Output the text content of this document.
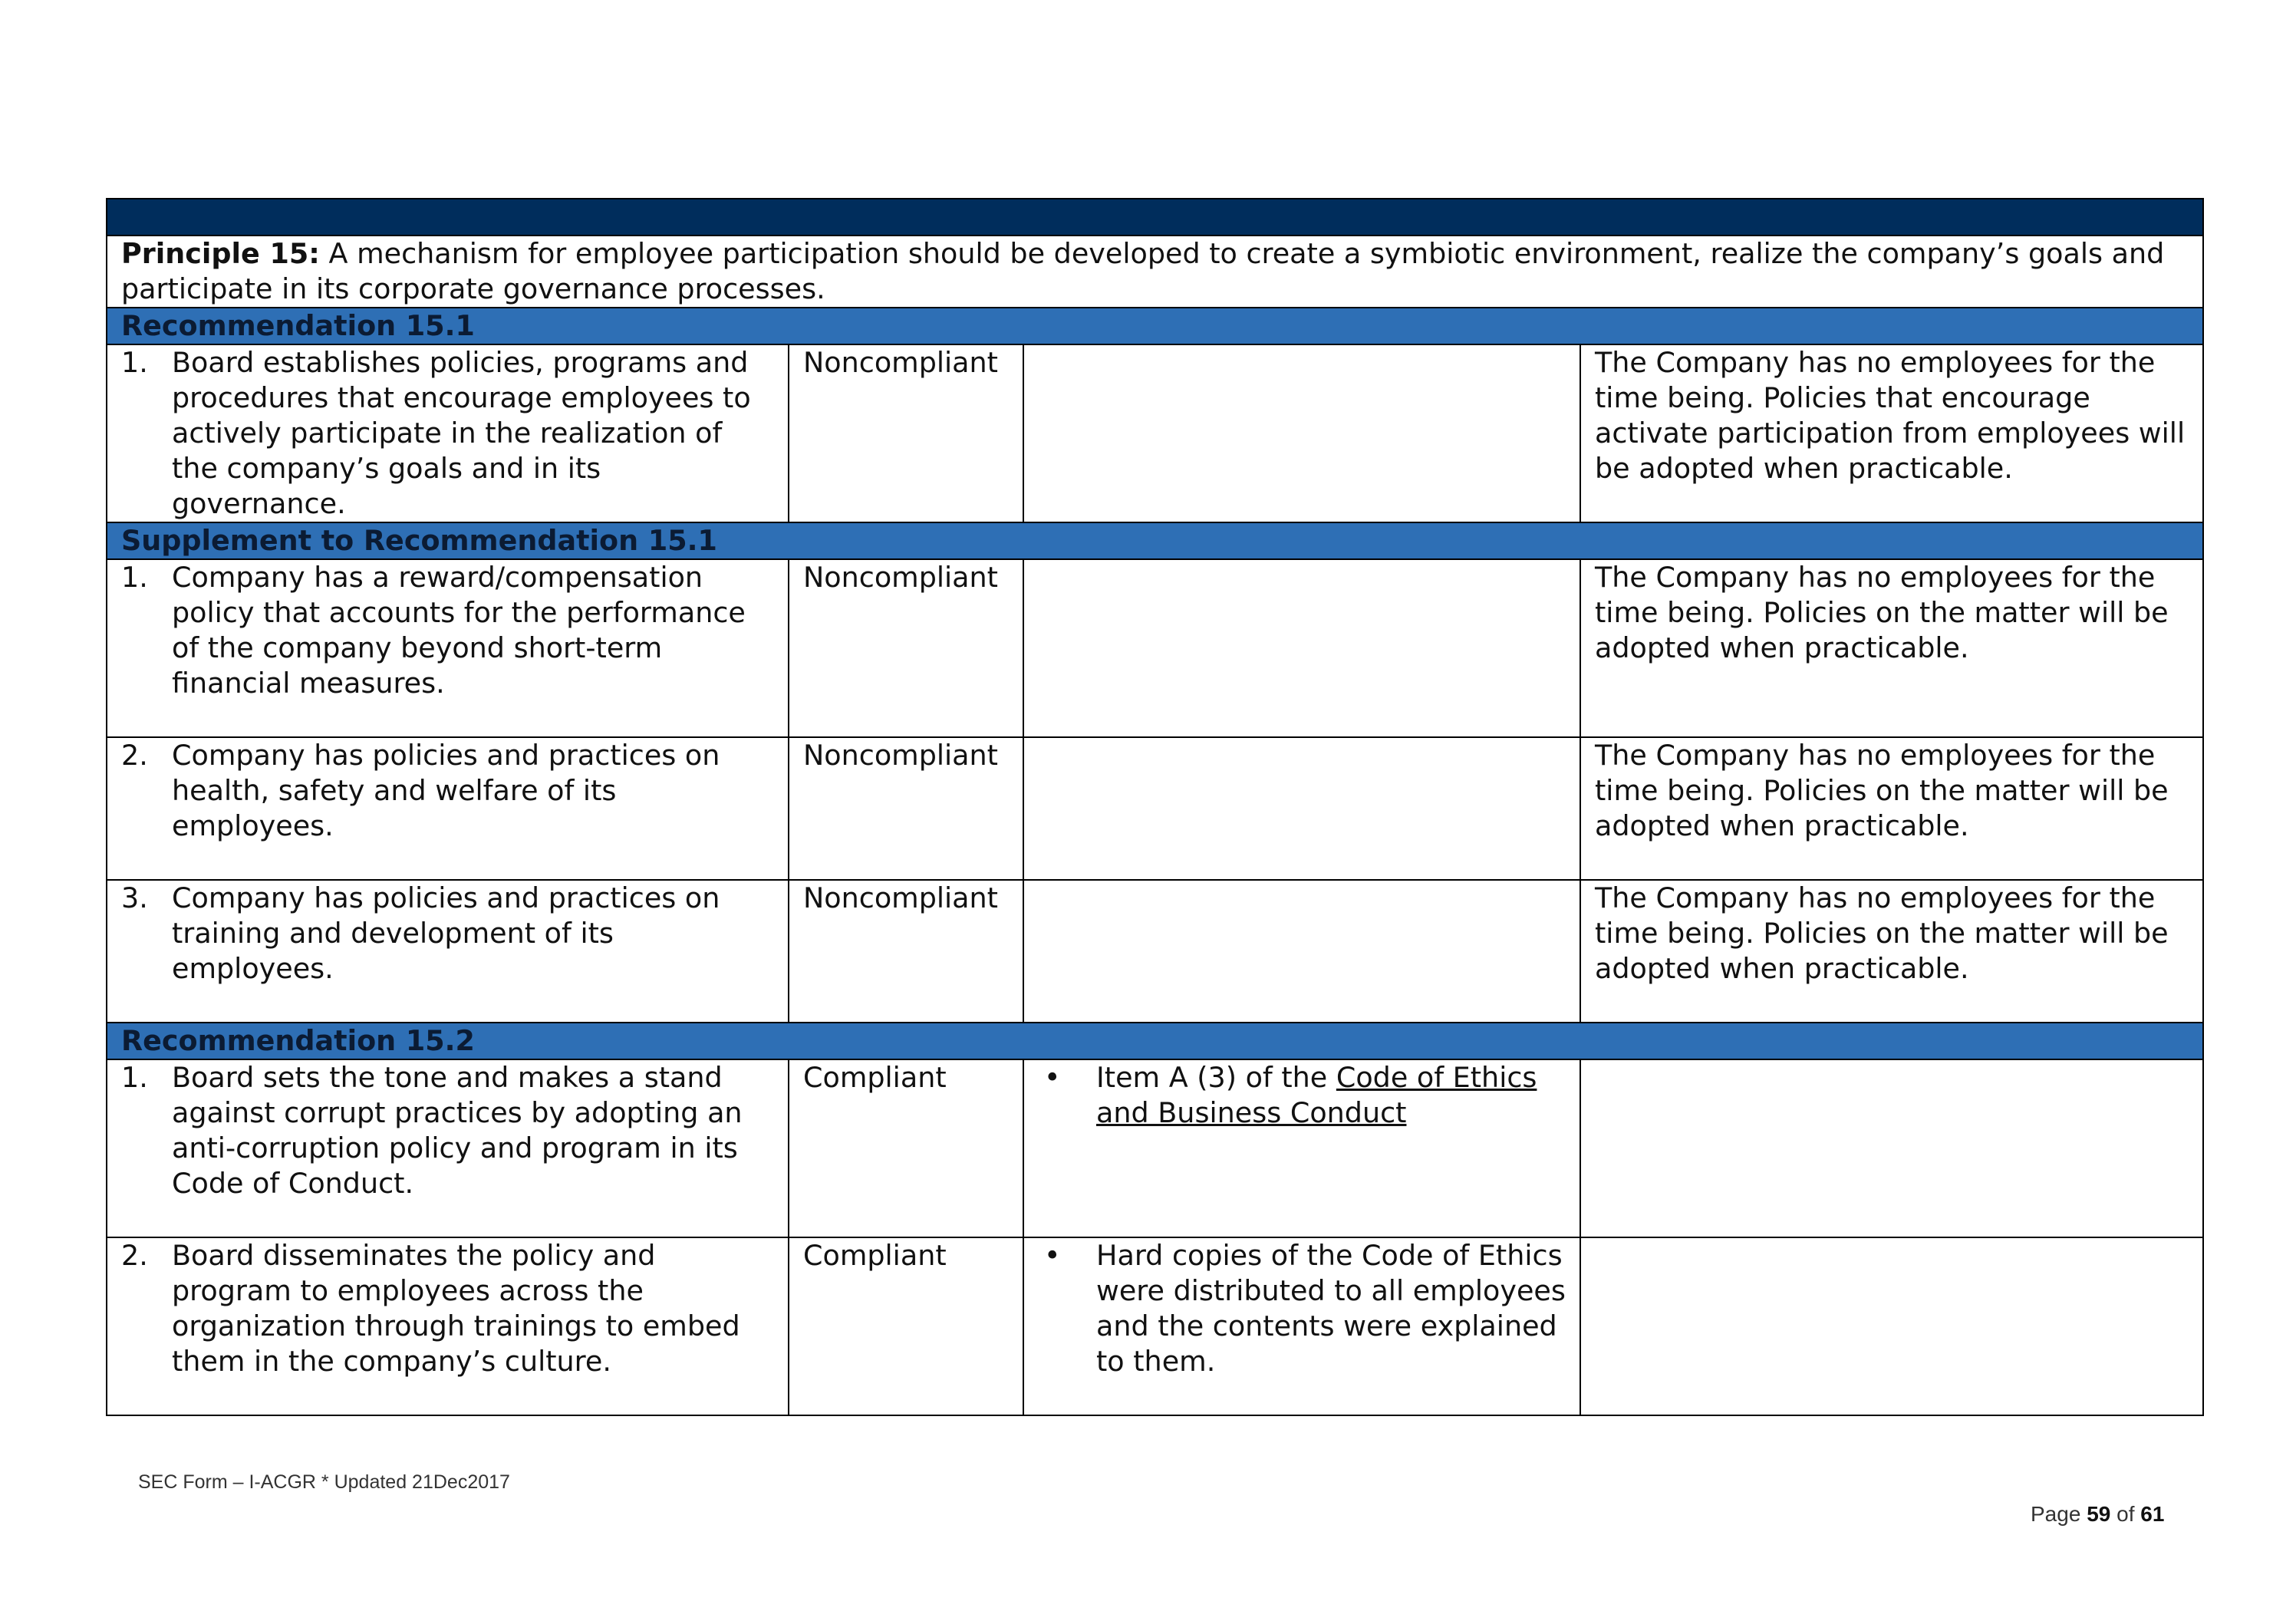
Principle 15: A mechanism for employee participation should be developed to create a symbiotic environment, realize the company’s goals and participate in its corporate governance processes.			
Recommendation 15.1			

1. Board establishes policies, programs and procedures that encourage employees to actively participate in the realization of the company’s goals and in its governance.	Noncompliant		The Company has no employees for the time being. Policies that encourage activate participation from employees will be adopted when practicable.
Supplement to Recommendation 15.1			

1. Company has a reward/compensation policy that accounts for the performance of the company beyond short-term financial measures.	Noncompliant		The Company has no employees for the time being. Policies on the matter will be adopted when practicable.

2. Company has policies and practices on health, safety and welfare of its employees.	Noncompliant		The Company has no employees for the time being. Policies on the matter will be adopted when practicable.

3. Company has policies and practices on training and development of its employees.	Noncompliant		The Company has no employees for the time being. Policies on the matter will be adopted when practicable.
Recommendation 15.2			

1. Board sets the tone and makes a stand against corrupt practices by adopting an anti-corruption policy and program in its Code of Conduct.	Compliant	• Item A (3) of the Code of Ethics and Business Conduct	

2. Board disseminates the policy and program to employees across the organization through trainings to embed them in the company’s culture.	Compliant	• Hard copies of the Code of Ethics were distributed to all employees and the contents were explained to them.	

SEC Form – I-ACGR * Updated 21Dec2017
Page 59 of 61
